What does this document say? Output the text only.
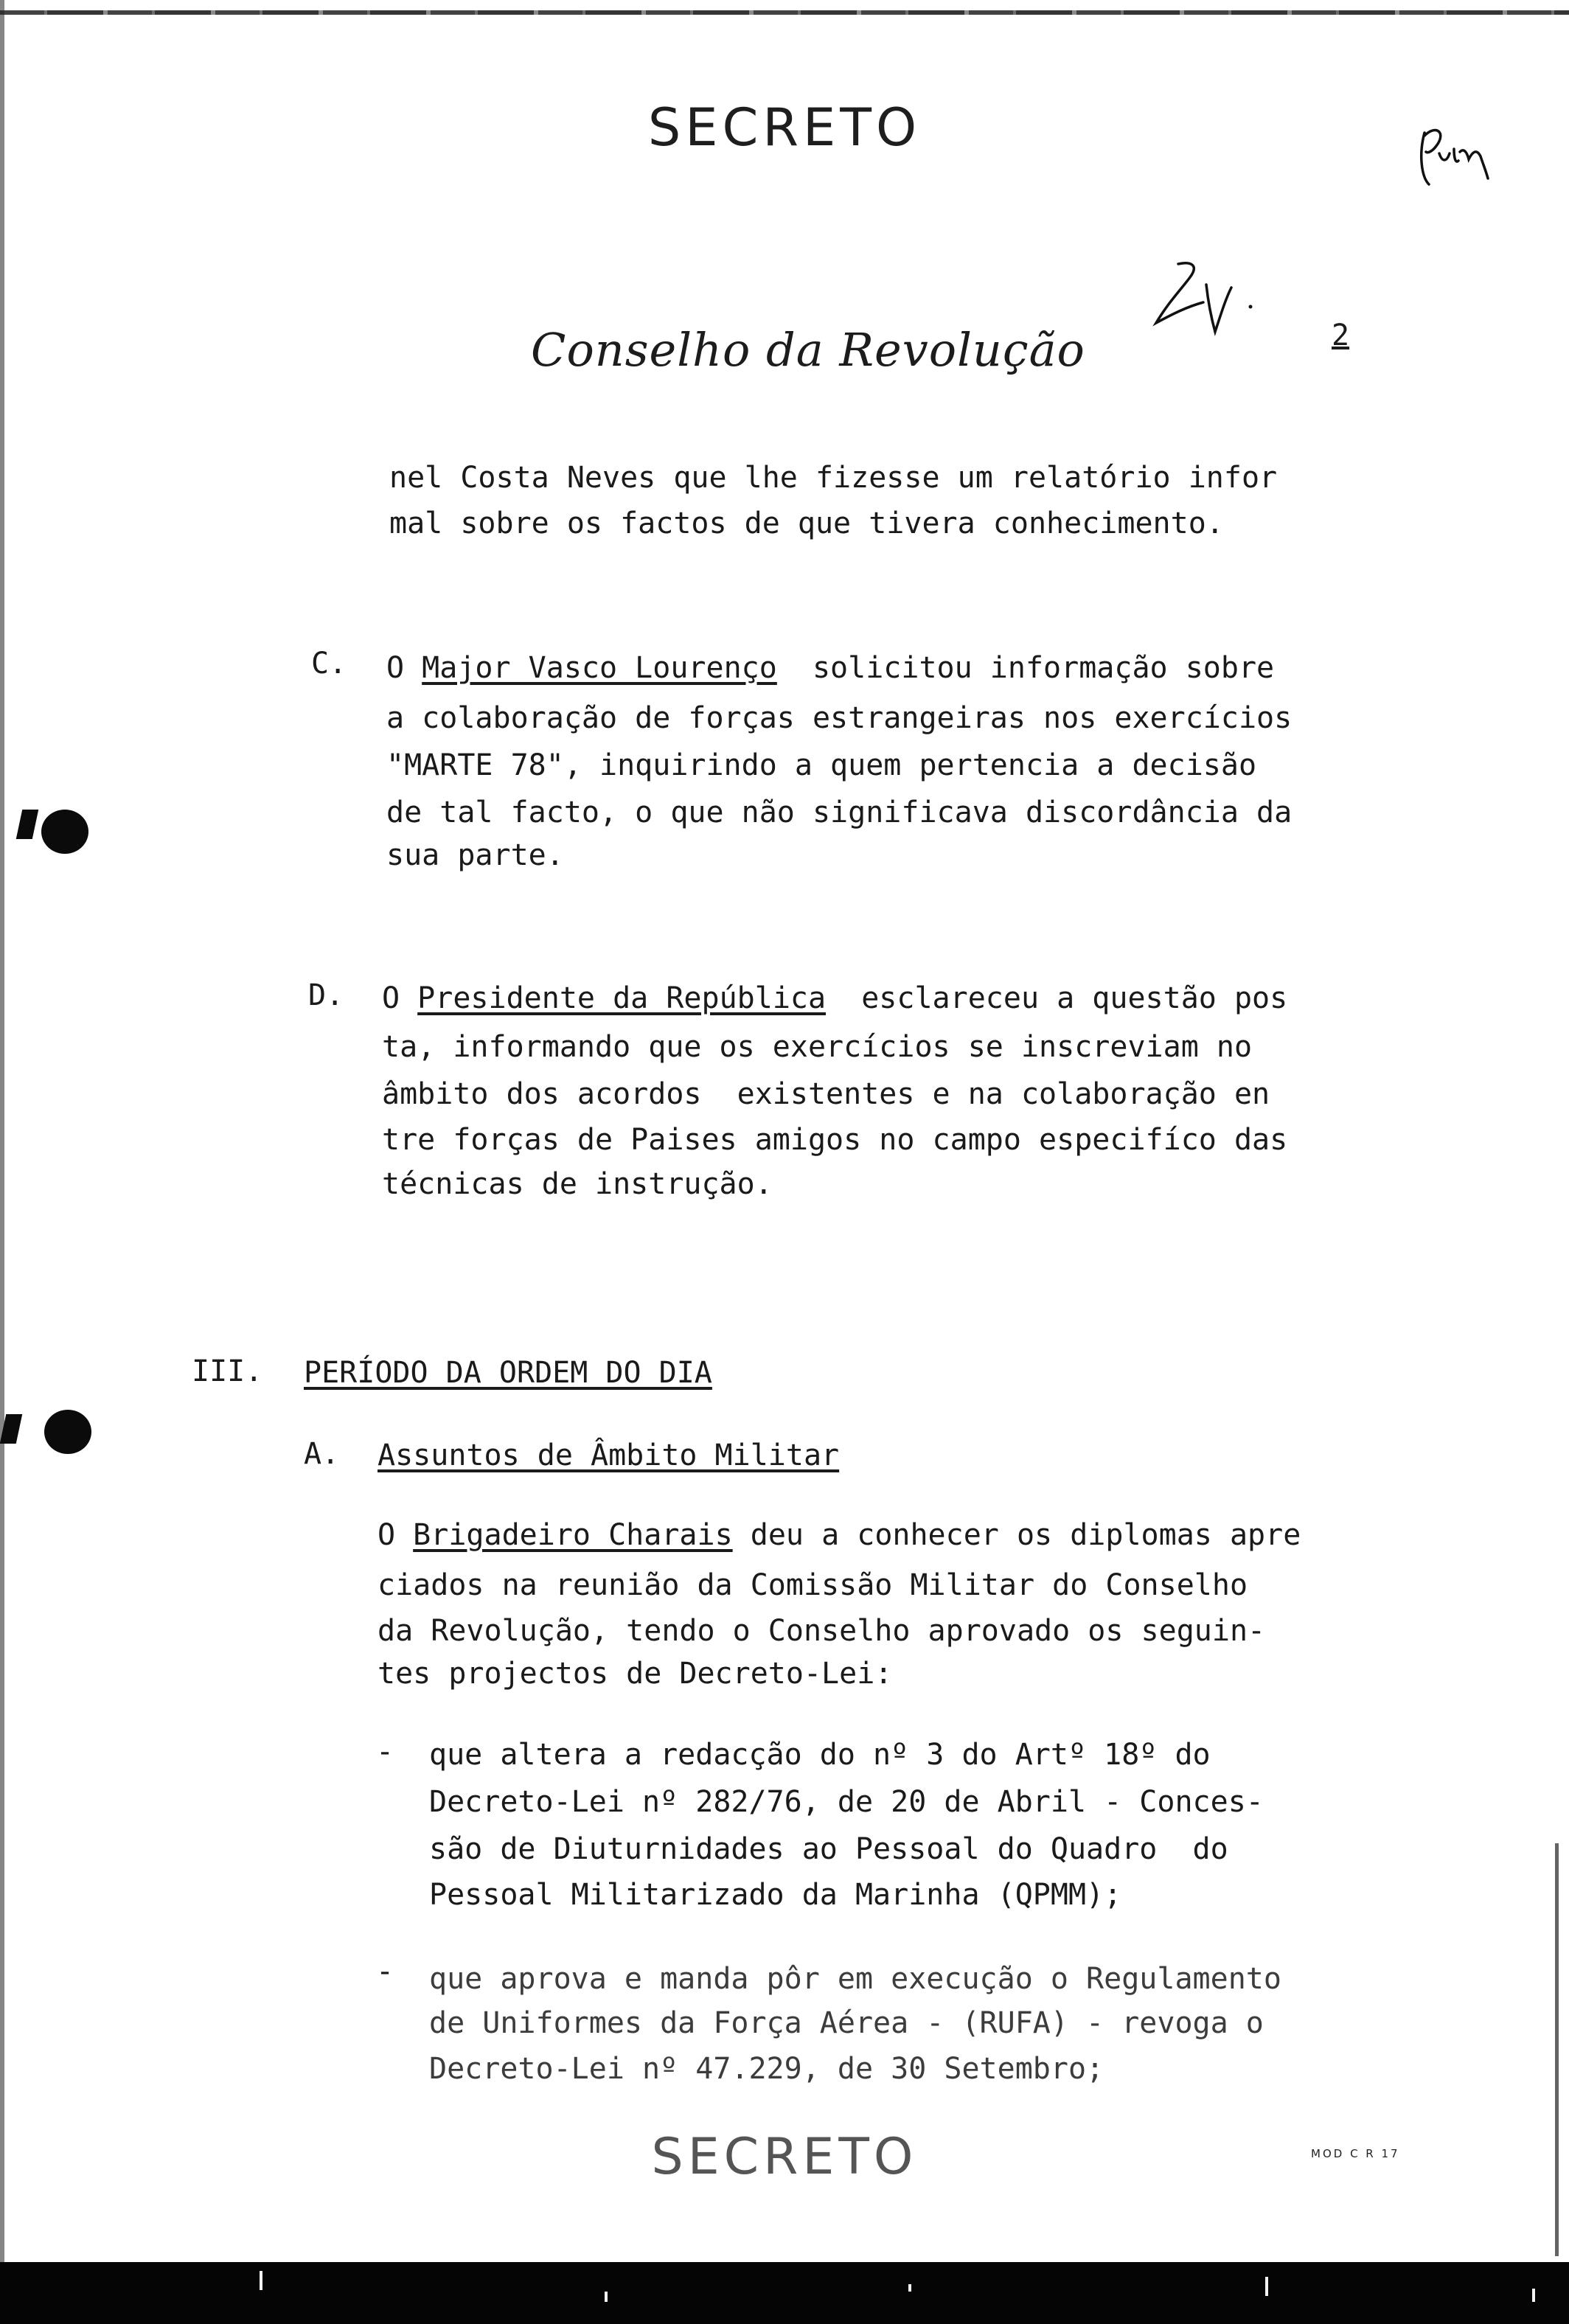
SECRETO
Conselho da Revolução	2
nel Costa Neves que lhe fizesse um relatório infor
mal sobre os factos de que tivera conhecimento.
C. O Major Vasco Lourenço  solicitou informação sobre
a colaboração de forças estrangeiras nos exercícios
"MARTE 78", inquirindo a quem pertencia a decisão
de tal facto, o que não significava discordância da
sua parte.
D. O Presidente da República  esclareceu a questão pos
ta, informando que os exercícios se inscreviam no
âmbito dos acordos  existentes e na colaboração en
tre forças de Paises amigos no campo especifíco das
técnicas de instrução.
III. PERÍODO DA ORDEM DO DIA
A. Assuntos de Âmbito Militar
O Brigadeiro Charais deu a conhecer os diplomas apre
ciados na reunião da Comissão Militar do Conselho
da Revolução, tendo o Conselho aprovado os seguin-
tes projectos de Decreto-Lei:
- que altera a redacção do nº 3 do Artº 18º do
Decreto-Lei nº 282/76, de 20 de Abril - Conces-
são de Diuturnidades ao Pessoal do Quadro  do
Pessoal Militarizado da Marinha (QPMM);
- que aprova e manda pôr em execução o Regulamento
de Uniformes da Força Aérea - (RUFA) - revoga o
Decreto-Lei nº 47.229, de 30 Setembro;
SECRETO	MOD C R 17
